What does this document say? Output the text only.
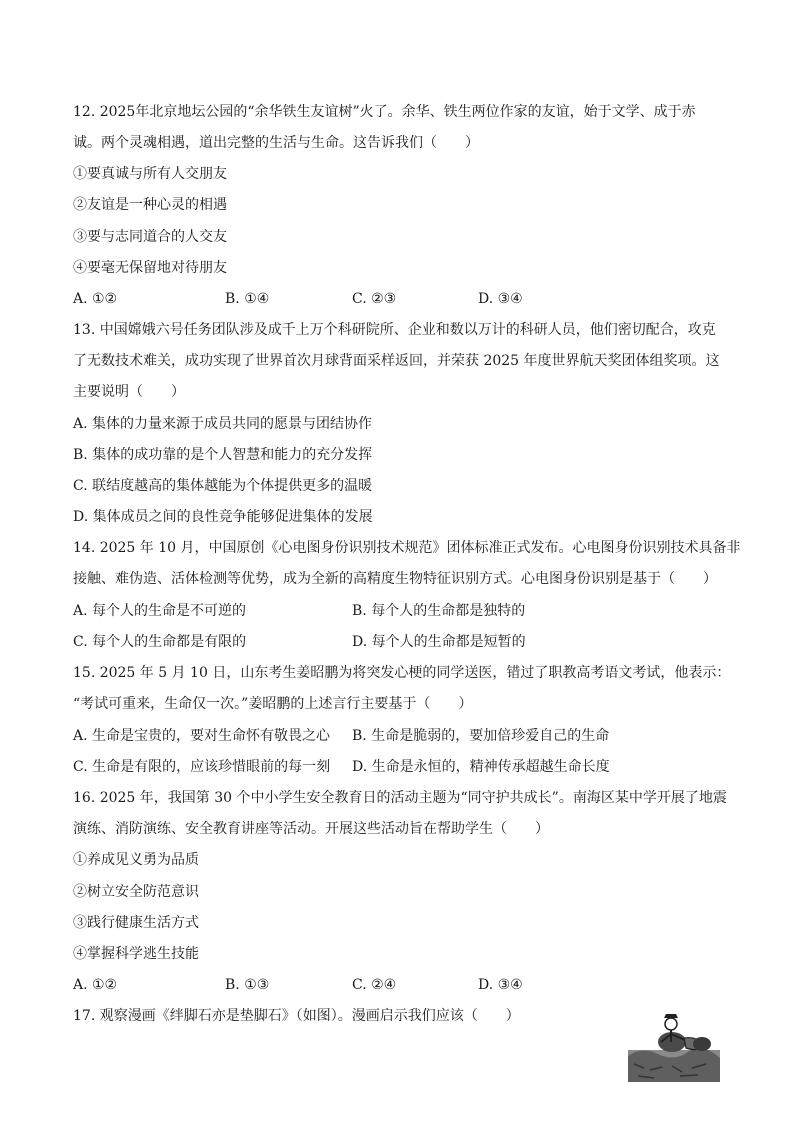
12. 2025年北京地坛公园的“余华铁生友谊树”火了。余华、铁生两位作家的友谊，始于文学、成于赤
诚。两个灵魂相遇，道出完整的生活与生命。这告诉我们（　　）
①要真诚与所有人交朋友
②友谊是一种心灵的相遇
③要与志同道合的人交友
④要毫无保留地对待朋友
A. ①②	B. ①④	C. ②③	D. ③④
13. 中国嫦娥六号任务团队涉及成千上万个科研院所、企业和数以万计的科研人员，他们密切配合，攻克
了无数技术难关，成功实现了世界首次月球背面采样返回，并荣获 2025 年度世界航天奖团体组奖项。这
主要说明（　　）
A. 集体的力量来源于成员共同的愿景与团结协作
B. 集体的成功靠的是个人智慧和能力的充分发挥
C. 联结度越高的集体越能为个体提供更多的温暖
D. 集体成员之间的良性竞争能够促进集体的发展
14. 2025 年 10 月，中国原创《心电图身份识别技术规范》团体标准正式发布。心电图身份识别技术具备非
接触、难伪造、活体检测等优势，成为全新的高精度生物特征识别方式。心电图身份识别是基于（　　）
A. 每个人的生命是不可逆的	B. 每个人的生命都是独特的
C. 每个人的生命都是有限的	D. 每个人的生命都是短暂的
15. 2025 年 5 月 10 日，山东考生姜昭鹏为将突发心梗的同学送医，错过了职教高考语文考试，他表示：
“考试可重来，生命仅一次。”姜昭鹏的上述言行主要基于（　　）
A. 生命是宝贵的，要对生命怀有敬畏之心 B. 生命是脆弱的，要加倍珍爱自己的生命
C. 生命是有限的，应该珍惜眼前的每一刻 D. 生命是永恒的，精神传承超越生命长度
16. 2025 年，我国第 30 个中小学生安全教育日的活动主题为“同守护共成长”。南海区某中学开展了地震
演练、消防演练、安全教育讲座等活动。开展这些活动旨在帮助学生（　　）
①养成见义勇为品质
②树立安全防范意识
③践行健康生活方式
④掌握科学逃生技能
A. ①②	B. ①③	C. ②④	D. ③④
17. 观察漫画《绊脚石亦是垫脚石》（如图）。漫画启示我们应该（　　）
